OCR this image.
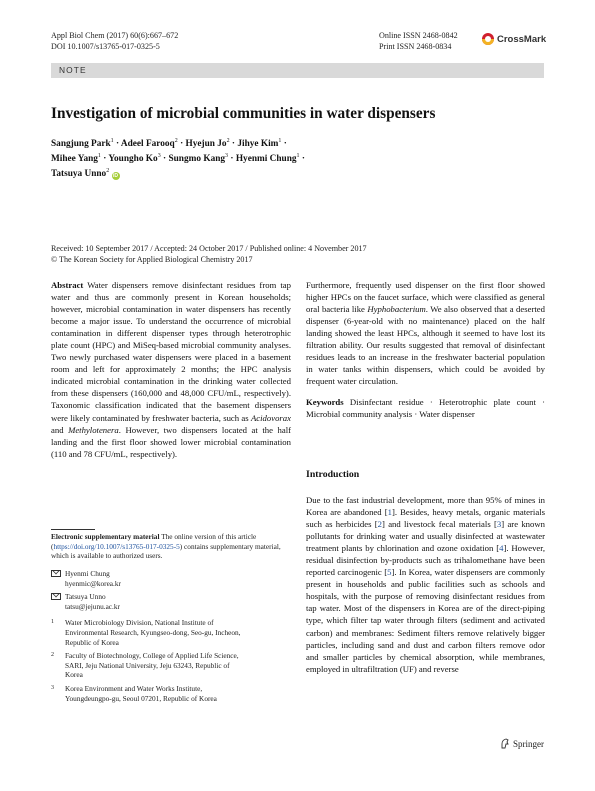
Appl Biol Chem (2017) 60(6):667–672
DOI 10.1007/s13765-017-0325-5
Online ISSN 2468-0842
Print ISSN 2468-0834
CrossMark
NOTE
Investigation of microbial communities in water dispensers
Sangjung Park$^1$ · Adeel Farooq$^2$ · Hyejun $Jo^2$ · Jihye Kim$^1$ ·
Mihee Yang$^1$ · Youngho $Ko^3$ · Sungmo Kang$^3$ · Hyenmi Chung$^1$ ·
Tatsuya Unno$^2$ iD
Received: 10 September 2017 / Accepted: 24 October 2017 / Published online: 4 November 2017
© The Korean Society for Applied Biological Chemistry 2017

Abstract Water dispensers remove disinfectant residues from tap water and thus are commonly present in Korean households; however, microbial contamination in water dispensers has recently become a major issue. To understand the occurrence of microbial contamination in different dispenser types through heterotrophic plate count (HPC) and MiSeq-based microbial community analyses. Two newly purchased water dispensers were placed in a basement room and left for approximately 2 months; the HPC analysis indicated microbial contamination in the drinking water collected from these dispensers (160,000 and 48,000 CFU/mL, respectively). Taxonomic classification indicated that the basement dispensers were likely contaminated by freshwater bacteria, such as Acidovorax and Methylotenera. However, two dispensers located at the half landing and the first floor showed lower microbial contamination (110 and 78 CFU/mL, respectively).

Electronic supplementary material The online version of this article (https://doi.org/10.1007/s13765-017-0325-5) contains supplementary material, which is available to authorized users.
Hyenmi Chung
hyenmic@korea.kr
Tatsuya Unno
tatsu@jejunu.ac.kr
1	Water Microbiology Division, National Institute of
Environmental Research, Kyungseo-dong, Seo-gu, Incheon,
Republic of Korea
2	Faculty of Biotechnology, College of Applied Life Science,
SARI, Jeju National University, Jeju 63243, Republic of
Korea
3	Korea Environment and Water Works Institute,
Youngdeungpo-gu, Seoul 07201, Republic of Korea

Furthermore, frequently used dispenser on the first floor showed higher HPCs on the faucet surface, which were classified as general oral bacteria like Hyphobacterium. We also observed that a deserted dispenser (6-year-old with no maintenance) placed on the half landing showed the least HPCs, although it seemed to have lost its filtration ability. Our results suggested that removal of disinfectant residues leads to an increase in the freshwater bacterial population in water tanks within dispensers, which could be avoided by frequent water circulation.

Keywords Disinfectant residue · Heterotrophic plate count · Microbial community analysis · Water dispenser

Introduction

Due to the fast industrial development, more than 95% of mines in Korea are abandoned [1]. Besides, heavy metals, organic materials such as herbicides [2] and livestock fecal materials [3] are known pollutants for drinking water and usually disinfected at wastewater treatment plants by chlorination and ozone oxidation [4]. However, residual disinfection by-products such as trihalomethane have been reported carcinogenic [5]. In Korea, water dispensers are commonly present in households and public facilities such as schools and hospitals, with the purpose of removing disinfectant residues from tap water. Most of the dispensers in Korea are of the direct-piping type, which filter tap water through filters (sediment and activated carbon) and membranes: Sediment filters remove relatively bigger particles, including sand and dust and carbon filters remove odor and smaller particles by chemical absorption, while membranes, employed in ultrafiltration (UF) and reverse

Springer
